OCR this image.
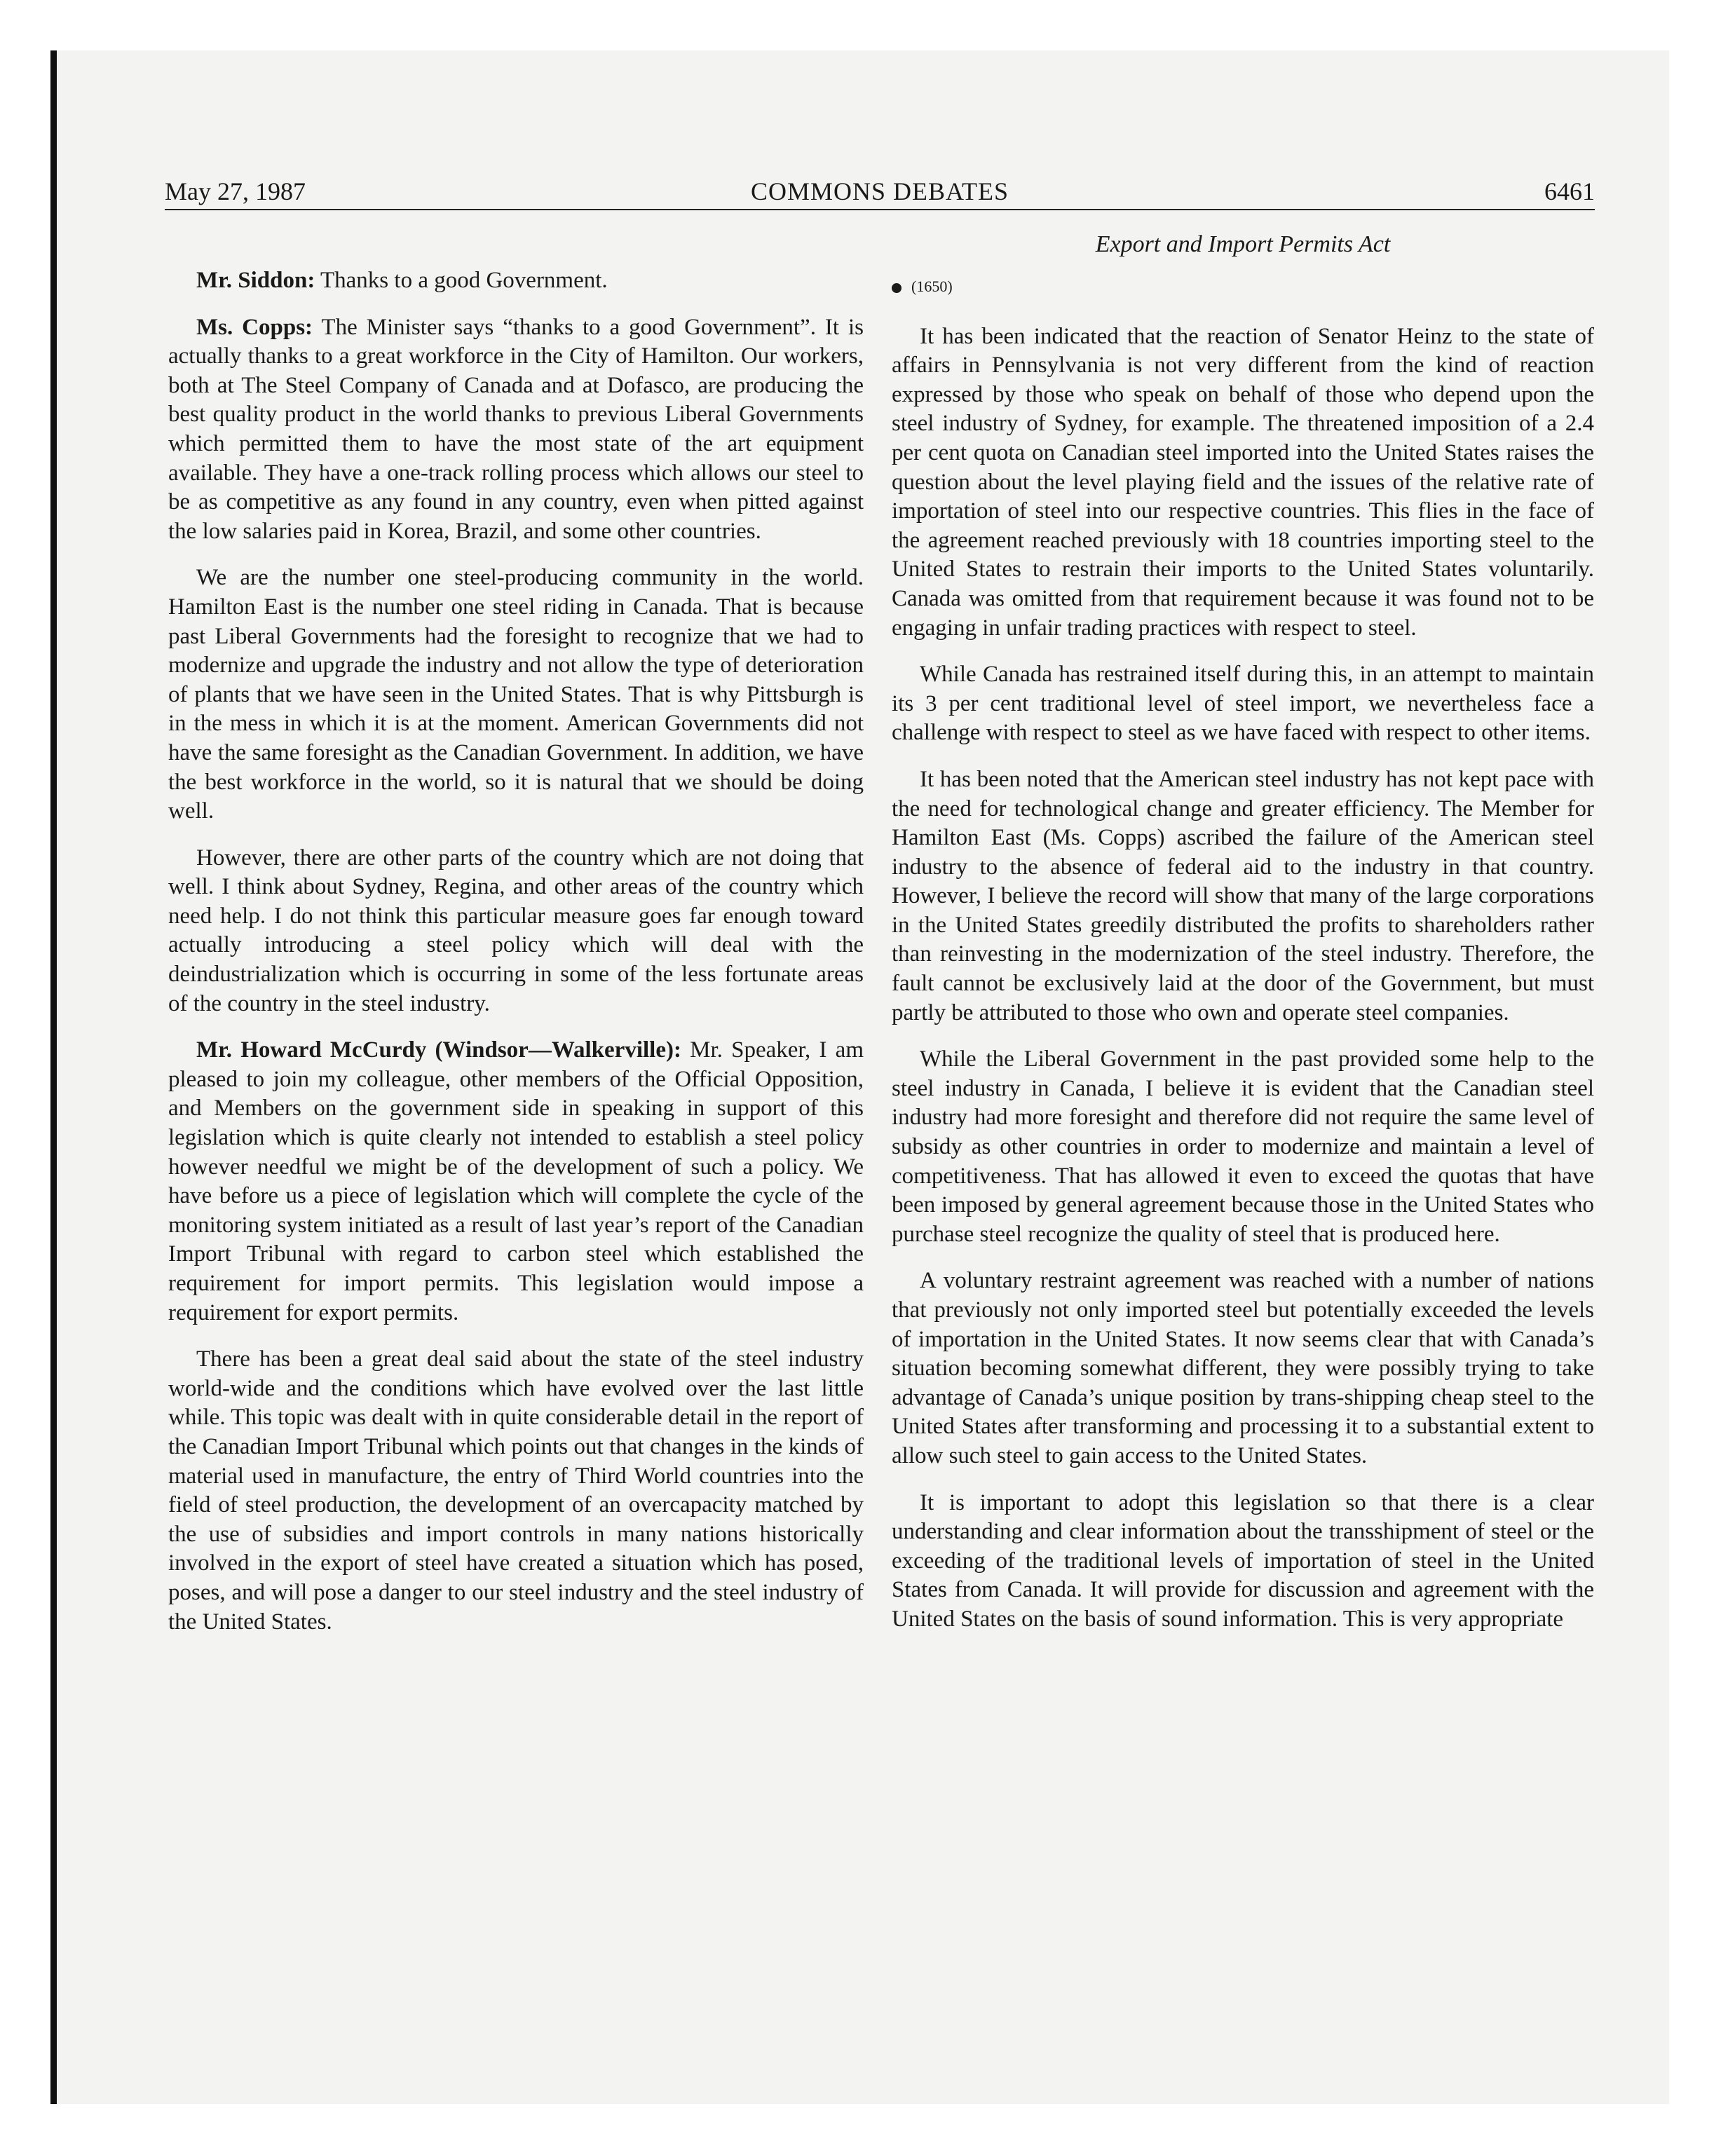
May 27, 1987	COMMONS DEBATES	6461

Mr. Siddon: Thanks to a good Government.

Ms. Copps: The Minister says “thanks to a good Government”. It is actually thanks to a great workforce in the City of Hamilton. Our workers, both at The Steel Company of Canada and at Dofasco, are producing the best quality product in the world thanks to previous Liberal Governments which permitted them to have the most state of the art equipment available. They have a one-track rolling process which allows our steel to be as competitive as any found in any country, even when pitted against the low salaries paid in Korea, Brazil, and some other countries.

We are the number one steel-producing community in the world. Hamilton East is the number one steel riding in Canada. That is because past Liberal Governments had the foresight to recognize that we had to modernize and upgrade the industry and not allow the type of deterioration of plants that we have seen in the United States. That is why Pittsburgh is in the mess in which it is at the moment. American Governments did not have the same foresight as the Canadian Government. In addition, we have the best workforce in the world, so it is natural that we should be doing well.

However, there are other parts of the country which are not doing that well. I think about Sydney, Regina, and other areas of the country which need help. I do not think this particular measure goes far enough toward actually introducing a steel policy which will deal with the deindustrialization which is occurring in some of the less fortunate areas of the country in the steel industry.

Mr. Howard McCurdy (Windsor—Walkerville): Mr. Speaker, I am pleased to join my colleague, other members of the Official Opposition, and Members on the government side in speaking in support of this legislation which is quite clearly not intended to establish a steel policy however needful we might be of the development of such a policy. We have before us a piece of legislation which will complete the cycle of the monitoring system initiated as a result of last year’s report of the Canadian Import Tribunal with regard to carbon steel which established the requirement for import permits. This legislation would impose a requirement for export permits.

There has been a great deal said about the state of the steel industry world-wide and the conditions which have evolved over the last little while. This topic was dealt with in quite considerable detail in the report of the Canadian Import Tribunal which points out that changes in the kinds of material used in manufacture, the entry of Third World countries into the field of steel production, the development of an overcapacity matched by the use of subsidies and import controls in many nations historically involved in the export of steel have created a situation which has posed, poses, and will pose a danger to our steel industry and the steel industry of the United States.

Export and Import Permits Act
(1650)

It has been indicated that the reaction of Senator Heinz to the state of affairs in Pennsylvania is not very different from the kind of reaction expressed by those who speak on behalf of those who depend upon the steel industry of Sydney, for example. The threatened imposition of a 2.4 per cent quota on Canadian steel imported into the United States raises the question about the level playing field and the issues of the relative rate of importation of steel into our respective countries. This flies in the face of the agreement reached previously with 18 countries importing steel to the United States to restrain their imports to the United States voluntarily. Canada was omitted from that requirement because it was found not to be engaging in unfair trading practices with respect to steel.

While Canada has restrained itself during this, in an attempt to maintain its 3 per cent traditional level of steel import, we nevertheless face a challenge with respect to steel as we have faced with respect to other items.

It has been noted that the American steel industry has not kept pace with the need for technological change and greater efficiency. The Member for Hamilton East (Ms. Copps) ascribed the failure of the American steel industry to the absence of federal aid to the industry in that country. However, I believe the record will show that many of the large corporations in the United States greedily distributed the profits to shareholders rather than reinvesting in the modernization of the steel industry. Therefore, the fault cannot be exclusively laid at the door of the Government, but must partly be attributed to those who own and operate steel companies.

While the Liberal Government in the past provided some help to the steel industry in Canada, I believe it is evident that the Canadian steel industry had more foresight and therefore did not require the same level of subsidy as other countries in order to modernize and maintain a level of competitiveness. That has allowed it even to exceed the quotas that have been imposed by general agreement because those in the United States who purchase steel recognize the quality of steel that is produced here.

A voluntary restraint agreement was reached with a number of nations that previously not only imported steel but potentially exceeded the levels of importation in the United States. It now seems clear that with Canada’s situation becoming somewhat different, they were possibly trying to take advantage of Canada’s unique position by trans-shipping cheap steel to the United States after transforming and processing it to a substantial extent to allow such steel to gain access to the United States.

It is important to adopt this legislation so that there is a clear understanding and clear information about the transshipment of steel or the exceeding of the traditional levels of importation of steel in the United States from Canada. It will provide for discussion and agreement with the United States on the basis of sound information. This is very appropriate
